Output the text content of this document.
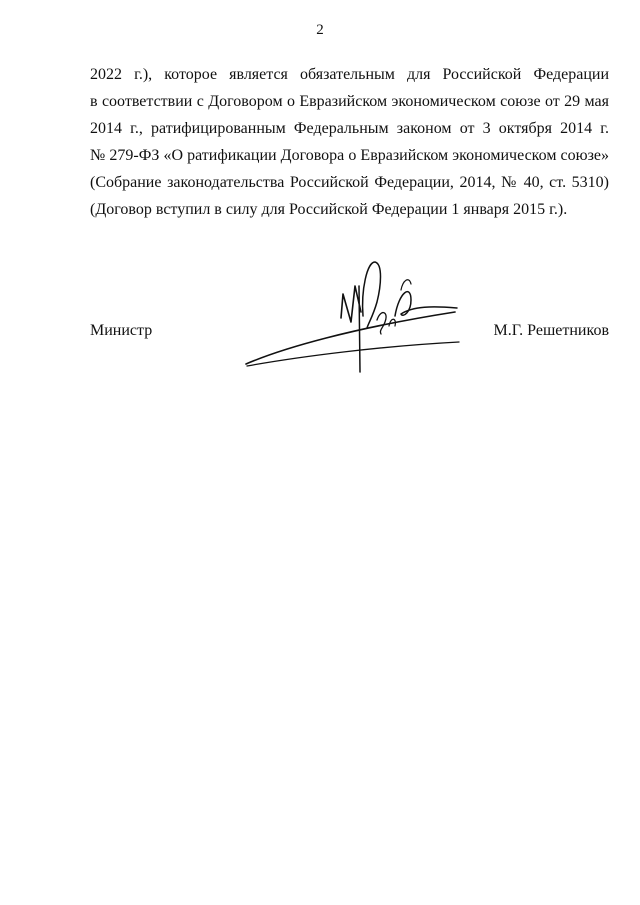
2
2022 г.), которое является обязательным для Российской Федерации
в соответствии с Договором о Евразийском экономическом союзе от 29 мая
2014 г., ратифицированным Федеральным законом от 3 октября 2014 г.
№ 279-ФЗ «О ратификации Договора о Евразийском экономическом союзе»
(Собрание законодательства Российской Федерации, 2014, № 40, ст. 5310)
(Договор вступил в силу для Российской Федерации 1 января 2015 г.).
Министр	М.Г. Решетников
